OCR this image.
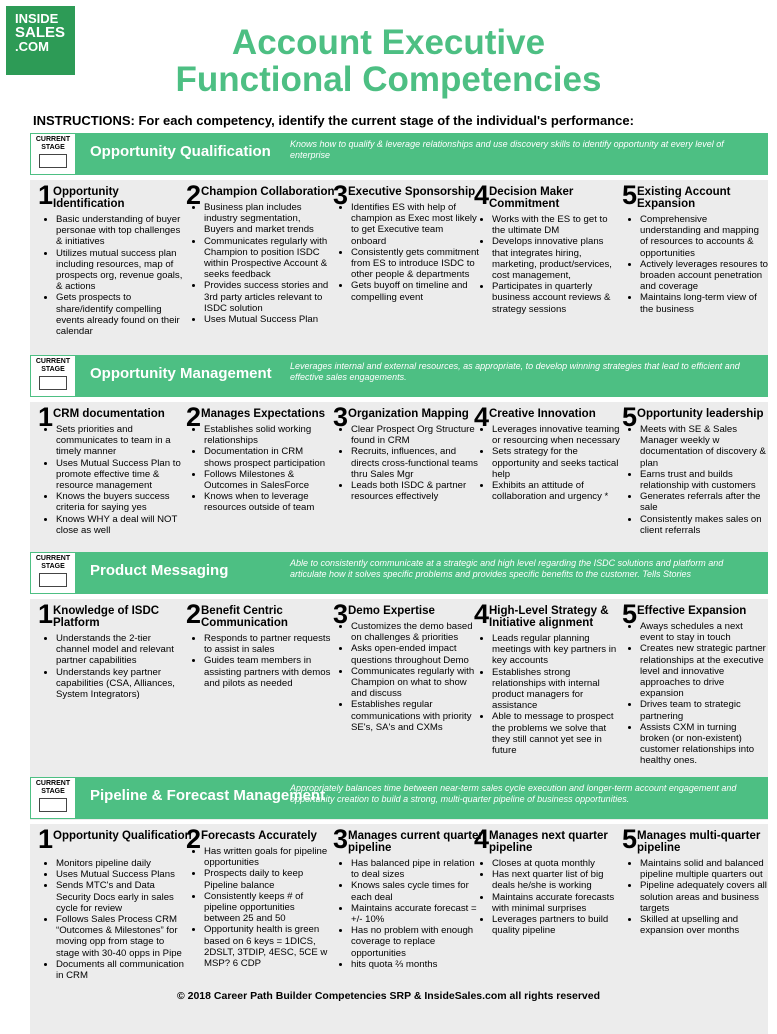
INSIDE
SALES
.COM	Account Executive
Functional Competencies
INSTRUCTIONS: For each competency, identify the current stage of the individual's performance:
CURRENT
STAGE	Opportunity Qualification Knows how to qualify & leverage relationships and use discovery skills to identify opportunity at every level of enterprise
1 Opportunity Identification
• Basic understanding of buyer personae with top challenges & initiatives
• Utilizes mutual success plan including resources, map of prospects org, revenue goals, & actions
• Gets prospects to share/identify compelling events already found on their calendar
2 Champion Collaboration
• Business plan includes industry segmentation, Buyers and market trends
• Communicates regularly with Champion to position ISDC within Prospective Account & seeks feedback
• Provides success stories and 3rd party articles relevant to ISDC solution
• Uses Mutual Success Plan
3 Executive Sponsorship
• Identifies ES with help of champion as Exec most likely to get Executive team onboard
• Consistently gets commitment from ES to introduce ISDC to other people & departments
• Gets buyoff on timeline and compelling event
4 Decision Maker Commitment
• Works with the ES to get to the ultimate DM
• Develops innovative plans that integrates hiring, marketing, product/services, cost management,
• Participates in quarterly business account reviews & strategy sessions
5 Existing Account Expansion
• Comprehensive understanding and mapping of resources to accounts & opportunities
• Actively leverages resoures to broaden account penetration and coverage
• Maintains long-term view of the business
CURRENT
STAGE	Opportunity Management Leverages internal and external resources, as appropriate, to develop winning strategies that lead to efficient and effective sales engagements.
1 CRM documentation
• Sets priorities and communicates to team in a timely manner
• Uses Mutual Success Plan to promote effective time & resource management
• Knows the buyers success criteria for saying yes
• Knows WHY a deal will NOT close as well
2 Manages Expectations
• Establishes solid working relationships
• Documentation in CRM shows prospect participation
• Follows Milestones & Outcomes in SalesForce
• Knows when to leverage resources outside of team
3 Organization Mapping
• Clear Prospect Org Structure found in CRM
• Recruits, influences, and directs cross-functional teams thru Sales Mgr
• Leads both ISDC & partner resources effectively
4 Creative Innovation
• Leverages innovative teaming or resourcing when necessary
• Sets strategy for the opportunity and seeks tactical help
• Exhibits an attitude of collaboration and urgency *
5 Opportunity leadership
• Meets with SE & Sales Manager weekly w documentation of discovery & plan
• Earns trust and builds relationship with customers
• Generates referrals after the sale
• Consistently makes sales on client referrals
CURRENT
STAGE	Product Messaging	Able to consistently communicate at a strategic and high level regarding the ISDC solutions and platform and articulate how it solves specific problems and provides specific benefits to the customer. Tells Stories
1 Knowledge of ISDC Platform
• Understands the 2-tier channel model and relevant partner capabilities
• Understands key partner capabilities (CSA, Alliances, System Integrators)
2 Benefit Centric Communication
• Responds to partner requests to assist in sales
• Guides team members in assisting partners with demos and pilots as needed
3 Demo Expertise
• Customizes the demo based on challenges & priorities
• Asks open-ended impact questions throughout Demo
• Communicates regularly with Champion on what to show and discuss
• Establishes regular communications with priority SE's, SA's and CXMs
4 High-Level Strategy & Initiative alignment
• Leads regular planning meetings with key partners in key accounts
• Establishes strong relationships with internal product managers for assistance
• Able to message to prospect the problems we solve that they still cannot yet see in future
5 Effective Expansion
• Aways schedules a next event to stay in touch
• Creates new strategic partner relationships at the executive level and innovative approaches to drive expansion
• Drives team to strategic partnering
• Assists CXM in turning broken (or non-existent) customer relationships into healthy ones.
CURRENT
STAGE	Pipeline & Forecast Management
Appropriately balances time between near-term sales cycle execution and longer-term account engagement and opportunity creation to build a strong, multi-quarter pipeline of business opportunities.
1 Opportunity Qualification
• Monitors pipeline daily
• Uses Mutual Success Plans
• Sends MTC's and Data Security Docs early in sales cycle for review
• Follows Sales Process CRM “Outcomes & Milestones” for moving opp from stage to stage with 30-40 opps in Pipe
• Documents all communication in CRM
2 Forecasts Accurately
• Has written goals for pipeline opportunities
• Prospects daily to keep Pipeline balance
• Consistently keeps # of pipeline opportunities between 25 and 50
• Opportunity health is green based on 6 keys = 1DICS, 2DSLT, 3TDIP, 4ESC, 5CE w MSP? 6 CDP
3 Manages current quarter pipeline
• Has balanced pipe in relation to deal sizes
• Knows sales cycle times for each deal
• Maintains accurate forecast = +/- 10%
• Has no problem with enough coverage to replace opportunities
• hits quota ⅔ months
4 Manages next quarter pipeline
• Closes at quota monthly
• Has next quarter list of big deals he/she is working
• Maintains accurate forecasts with minimal surprises
• Leverages partners to build quality pipeline
5 Manages multi-quarter pipeline
• Maintains solid and balanced pipeline multiple quarters out
• Pipeline adequately covers all solution areas and business targets
• Skilled at upselling and expansion over months
© 2018 Career Path Builder Competencies SRP & InsideSales.com all rights reserved
